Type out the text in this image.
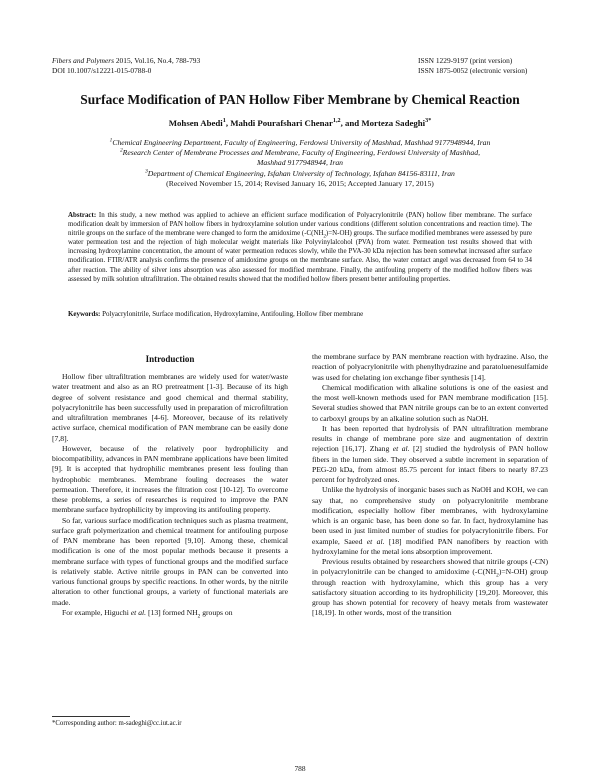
Fibers and Polymers 2015, Vol.16, No.4, 788-793
DOI 10.1007/s12221-015-0788-0
ISSN 1229-9197 (print version)
ISSN 1875-0052 (electronic version)
Surface Modification of PAN Hollow Fiber Membrane by Chemical Reaction
Mohsen Abedi$^1$, Mahdi Pourafshari Chenar$^{1,2}$, and Morteza Sadeghi$^{3*}$
$^1$Chemical Engineering Department, Faculty of Engineering, Ferdowsi University of Mashhad, Mashhad 9177948944, Iran
$^2$Research Center of Membrane Processes and Membrane, Faculty of Engineering, Ferdowsi University of Mashhad,
Mashhad 9177948944, Iran
$^3$Department of Chemical Engineering, Isfahan University of Technology, Isfahan 84156-83111, Iran
(Received November 15, 2014; Revised January 16, 2015; Accepted January 17, 2015)
Abstract: In this study, a new method was applied to achieve an efficient surface modification of Polyacrylonitrile (PAN) hollow fiber membrane. The surface modification dealt by immersion of PAN hollow fibers in hydroxylamine solution under various conditions (different solution concentrations and reaction time). The nitrile groups on the surface of the membrane were changed to form the amidoxime $(-C(NH_2)=N-OH)$ groups. The surface modified membranes were assessed by pure water permeation test and the rejection of high molecular weight materials like Polyvinylalcohol (PVA) from water. Permeation test results showed that with increasing hydroxylamine concentration, the amount of water permeation reduces slowly, while the PVA-30 kDa rejection has been somewhat increased after surface modification. FTIR/ATR analysis confirms the presence of amidoxime groups on the membrane surface. Also, the water contact angel was decreased from 64 to 34 after reaction. The ability of silver ions absorption was also assessed for modified membrane. Finally, the antifouling property of the modified hollow fibers was assessed by milk solution ultrafiltration. The obtained results showed that the modified hollow fibers present better antifouling properties.
Keywords: Polyacrylonitrile, Surface modification, Hydroxylamine, Antifouling, Hollow fiber membrane
Introduction

Hollow fiber ultrafiltration membranes are widely used for water/waste water treatment and also as an RO pretreatment [1-3]. Because of its high degree of solvent resistance and good chemical and thermal stability, polyacrylonitrile has been successfully used in preparation of microfiltration and ultrafiltration membranes [4-6]. Moreover, because of its relatively active surface, chemical modification of PAN membrane can be easily done [7,8].

However, because of the relatively poor hydrophilicity and biocompatibility, advances in PAN membrane applications have been limited [9]. It is accepted that hydrophilic membranes present less fouling than hydrophobic membranes. Membrane fouling decreases the water permeation. Therefore, it increases the filtration cost [10-12]. To overcome these problems, a series of researches is required to improve the PAN membrane surface hydrophilicity by improving its antifouling property.

So far, various surface modification techniques such as plasma treatment, surface graft polymerization and chemical treatment for antifouling purpose of PAN membrane has been reported [9,10]. Among these, chemical modification is one of the most popular methods because it presents a membrane surface with types of functional groups and the modified surface is relatively stable. Active nitrile groups in PAN can be converted into various functional groups by specific reactions. In other words, by the nitrile alteration to other functional groups, a variety of functional materials are made.

For example, Higuchi et al. [13] formed $NH_2$ groups on

the membrane surface by PAN membrane reaction with hydrazine. Also, the reaction of polyacrylonitrile with phenylhydrazine and paratoluenesulfamide was used for chelating ion exchange fiber synthesis [14].

Chemical modification with alkaline solutions is one of the easiest and the most well-known methods used for PAN membrane modification [15]. Several studies showed that PAN nitrile groups can be to an extent converted to carboxyl groups by an alkaline solution such as NaOH.

It has been reported that hydrolysis of PAN ultrafiltration membrane results in change of membrane pore size and augmentation of dextrin rejection [16,17]. Zhang et al. [2] studied the hydrolysis of PAN hollow fibers in the lumen side. They observed a subtle increment in separation of PEG-20 kDa, from almost 85.75 percent for intact fibers to nearly 87.23 percent for hydrolyzed ones.

Unlike the hydrolysis of inorganic bases such as NaOH and KOH, we can say that, no comprehensive study on polyacrylonitrile membrane modification, especially hollow fiber membranes, with hydroxylamine which is an organic base, has been done so far. In fact, hydroxylamine has been used in just limited number of studies for polyacrylonitrile fibers. For example, Saeed et al. [18] modified PAN nanofibers by reaction with hydroxylamine for the metal ions absorption improvement.

Previous results obtained by researchers showed that nitrile groups (-CN) in polyacrylonitrile can be changed to amidoxime $(-C(NH_2)=N-OH)$ group through reaction with hydroxylamine, which this group has a very satisfactory situation according to its hydrophilicity [19,20]. Moreover, this group has shown potential for recovery of heavy metals from wastewater [18,19]. In other words, most of the transition

*Corresponding author: m-sadeghi@cc.iut.ac.ir
788
